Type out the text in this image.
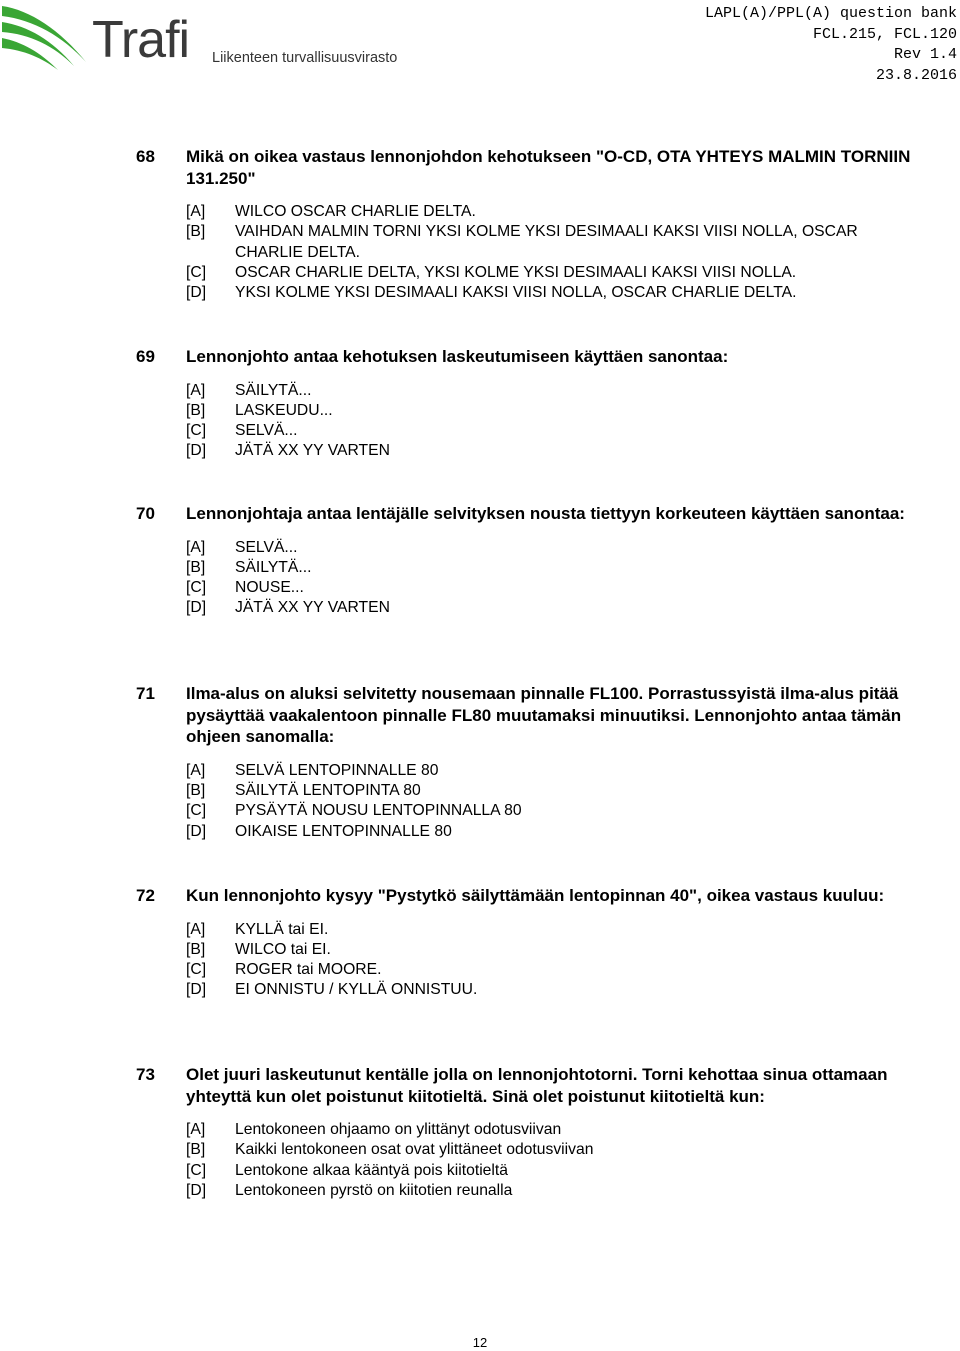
Trafi Liikenteen turvallisuusvirasto
LAPL(A)/PPL(A) question bank
FCL.215, FCL.120
Rev 1.4
23.8.2016
68	Mikä on oikea vastaus lennonjohdon kehotukseen "O-CD, OTA YHTEYS MALMIN TORNIIN 131.250"
[A]	WILCO OSCAR CHARLIE DELTA.
[B]	VAIHDAN MALMIN TORNI YKSI KOLME YKSI DESIMAALI KAKSI VIISI NOLLA, OSCAR CHARLIE DELTA.
[C]	OSCAR CHARLIE DELTA, YKSI KOLME YKSI DESIMAALI KAKSI VIISI NOLLA.
[D]	YKSI KOLME YKSI DESIMAALI KAKSI VIISI NOLLA, OSCAR CHARLIE DELTA.
69	Lennonjohto antaa kehotuksen laskeutumiseen käyttäen sanontaa:
[A]	SÄILYTÄ...
[B]	LASKEUDU...
[C]	SELVÄ...
[D]	JÄTÄ XX YY VARTEN
70	Lennonjohtaja antaa lentäjälle selvityksen nousta tiettyyn korkeuteen käyttäen sanontaa:
[A]	SELVÄ...
[B]	SÄILYTÄ...
[C]	NOUSE...
[D]	JÄTÄ XX YY VARTEN
71	Ilma-alus on aluksi selvitetty nousemaan pinnalle FL100. Porrastussyistä ilma-alus pitää pysäyttää vaakalentoon pinnalle FL80 muutamaksi minuutiksi. Lennonjohto antaa tämän ohjeen sanomalla:
[A]	SELVÄ LENTOPINNALLE 80
[B]	SÄILYTÄ LENTOPINTA 80
[C]	PYSÄYTÄ NOUSU LENTOPINNALLA 80
[D]	OIKAISE LENTOPINNALLE 80
72	Kun lennonjohto kysyy "Pystytkö säilyttämään lentopinnan 40", oikea vastaus kuuluu:
[A]	KYLLÄ tai EI.
[B]	WILCO tai EI.
[C]	ROGER tai MOORE.
[D]	EI ONNISTU / KYLLÄ ONNISTUU.
73	Olet juuri laskeutunut kentälle jolla on lennonjohtotorni. Torni kehottaa sinua ottamaan yhteyttä kun olet poistunut kiitotieltä. Sinä olet poistunut kiitotieltä kun:
[A]	Lentokoneen ohjaamo on ylittänyt odotusviivan
[B]	Kaikki lentokoneen osat ovat ylittäneet odotusviivan
[C]	Lentokone alkaa kääntyä pois kiitotieltä
[D]	Lentokoneen pyrstö on kiitotien reunalla
12
